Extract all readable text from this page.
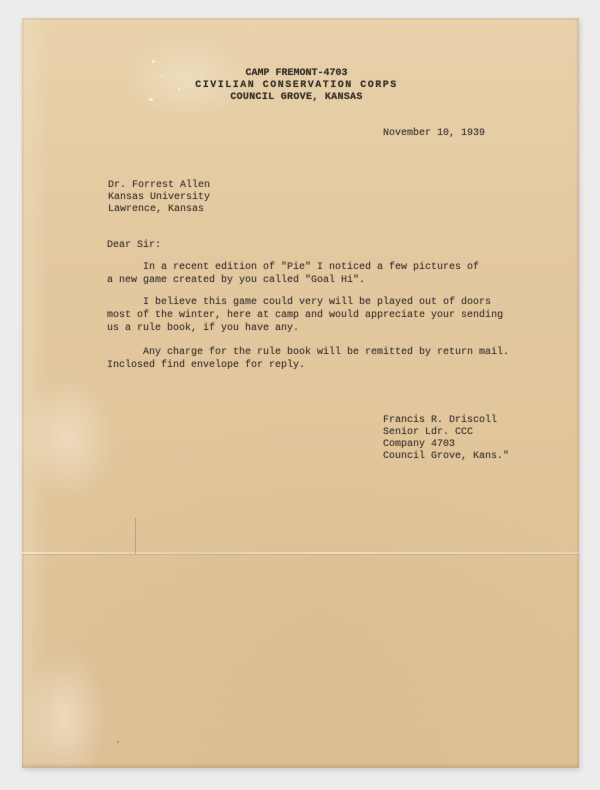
CAMP FREMONT-4703
CIVILIAN CONSERVATION CORPS
COUNCIL GROVE, KANSAS
November 10, 1939
Dr. Forrest Allen
Kansas University
Lawrence, Kansas
Dear Sir:
In a recent edition of "Pie" I noticed a few pictures of
a new game created by you called "Goal Hi".
I believe this game could very will be played out of doors
most of the winter, here at camp and would appreciate your sending
us a rule book, if you have any.
Any charge for the rule book will be remitted by return mail.
Inclosed find envelope for reply.
Francis R. Driscoll
Senior Ldr. CCC
Company 4703
Council Grove, Kans."
